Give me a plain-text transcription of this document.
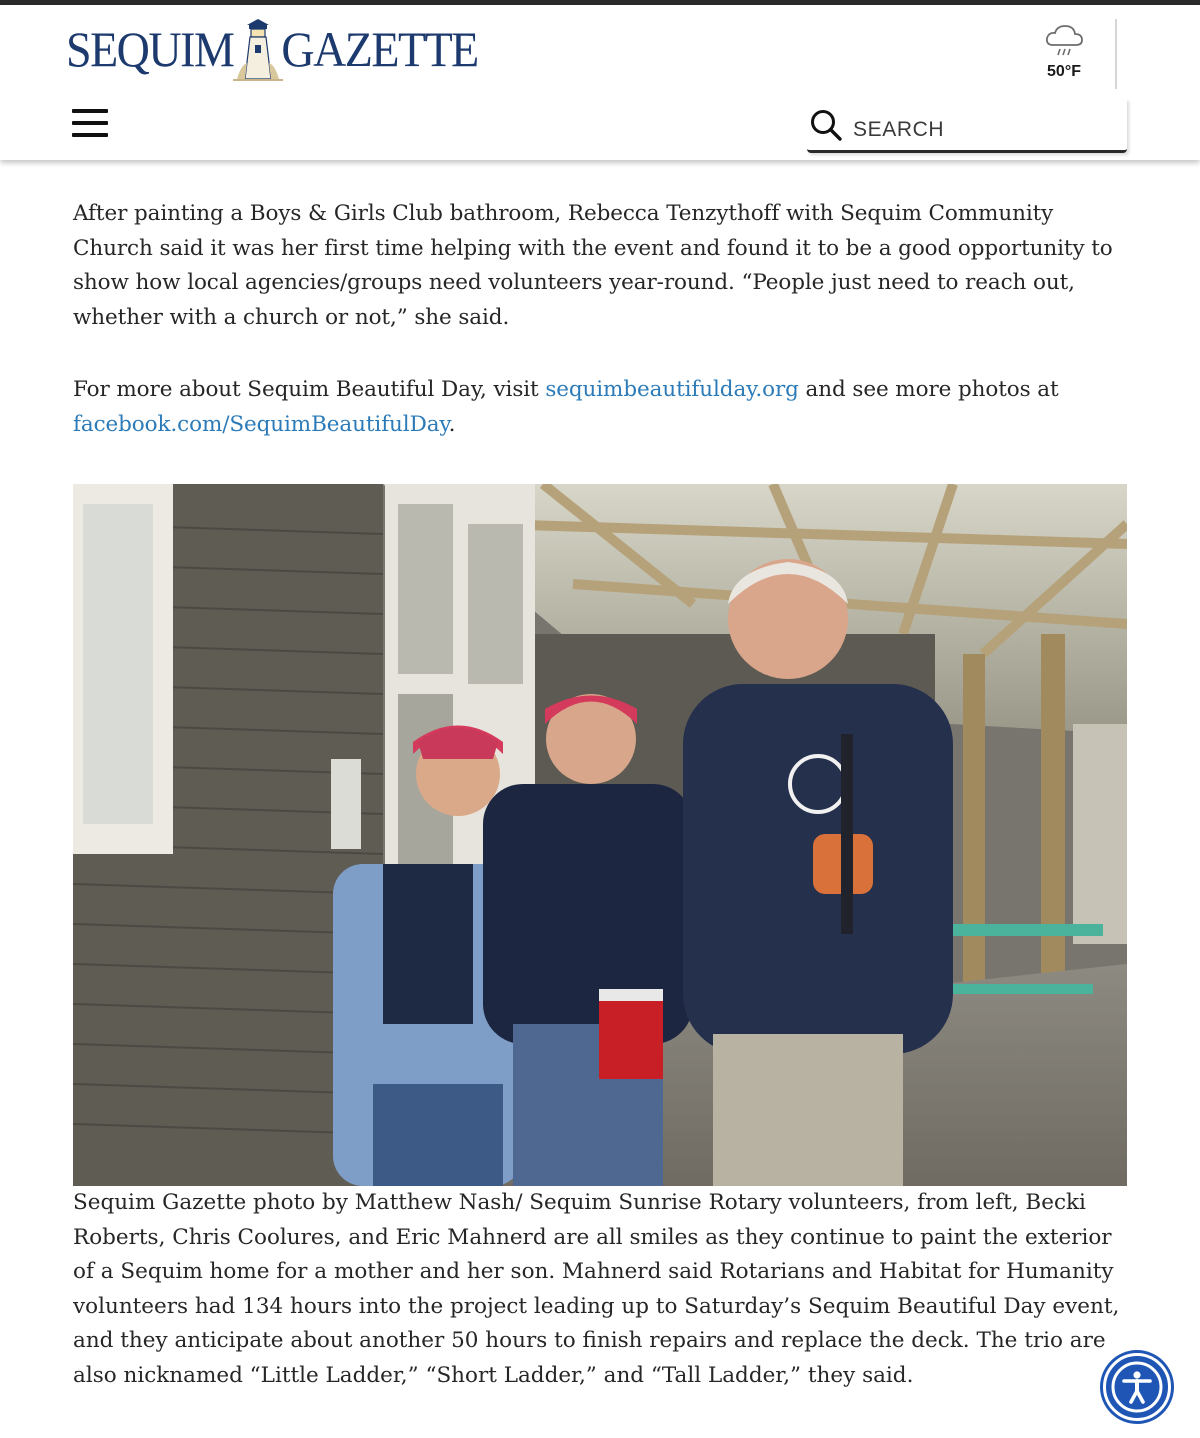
SEQUIM GAZETTE	50°F
SEARCH

After painting a Boys & Girls Club bathroom, Rebecca Tenzythoff with Sequim Community Church said it was her first time helping with the event and found it to be a good opportunity to show how local agencies/groups need volunteers year-round. “People just need to reach out, whether with a church or not,” she said.

For more about Sequim Beautiful Day, visit sequimbeautifulday.org and see more photos at facebook.com/SequimBeautifulDay.

Sequim Gazette photo by Matthew Nash/ Sequim Sunrise Rotary volunteers, from left, Becki Roberts, Chris Coolures, and Eric Mahnerd are all smiles as they continue to paint the exterior of a Sequim home for a mother and her son. Mahnerd said Rotarians and Habitat for Humanity volunteers had 134 hours into the project leading up to Saturday’s Sequim Beautiful Day event, and they anticipate about another 50 hours to finish repairs and replace the deck. The trio are also nicknamed “Little Ladder,” “Short Ladder,” and “Tall Ladder,” they said.
